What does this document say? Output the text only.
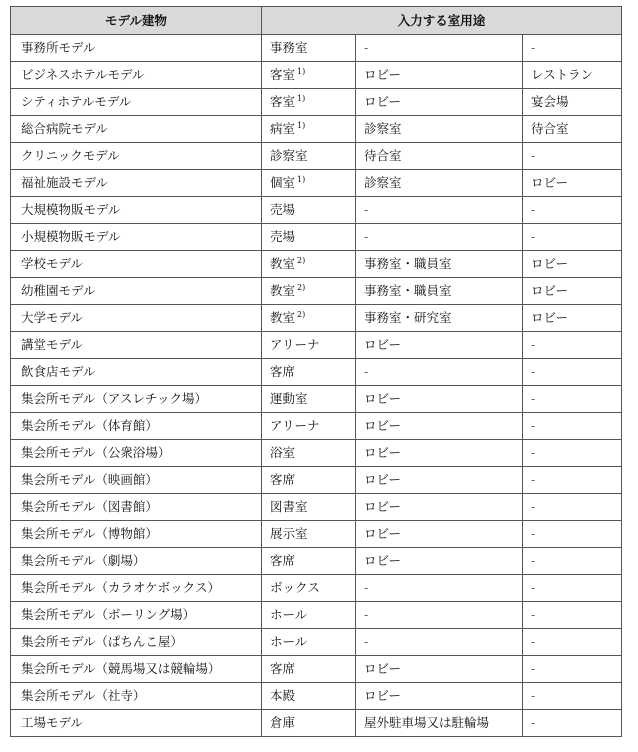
モデル建物	入力する室用途		
事務所モデル	事務室	-	-
ビジネスホテルモデル	客室 $^{1)}$	ロビー	レストラン
シティホテルモデル	客室 $^{1)}$	ロビー	宴会場
総合病院モデル	病室 $^{1)}$	診察室	待合室
クリニックモデル	診察室	待合室	-
福祉施設モデル	個室 $^{1)}$	診察室	ロビー
大規模物販モデル	売場	-	-
小規模物販モデル	売場	-	-
学校モデル	教室 $^{2)}$	事務室・職員室	ロビー
幼稚園モデル	教室 $^{2)}$	事務室・職員室	ロビー
大学モデル	教室 $^{2)}$	事務室・研究室	ロビー
講堂モデル	アリーナ	ロビー	-
飲食店モデル	客席	-	-
集会所モデル（アスレチック場）	運動室	ロビー	-
集会所モデル（体育館）	アリーナ	ロビー	-
集会所モデル（公衆浴場）	浴室	ロビー	-
集会所モデル（映画館）	客席	ロビー	-
集会所モデル（図書館）	図書室	ロビー	-
集会所モデル（博物館）	展示室	ロビー	-
集会所モデル（劇場）	客席	ロビー	-
集会所モデル（カラオケボックス）	ボックス	-	-
集会所モデル（ボーリング場）	ホール	-	-
集会所モデル（ぱちんこ屋）	ホール	-	-
集会所モデル（競馬場又は競輪場）	客席	ロビー	-
集会所モデル（社寺）	本殿	ロビー	-
工場モデル	倉庫	屋外駐車場又は駐輪場	-
